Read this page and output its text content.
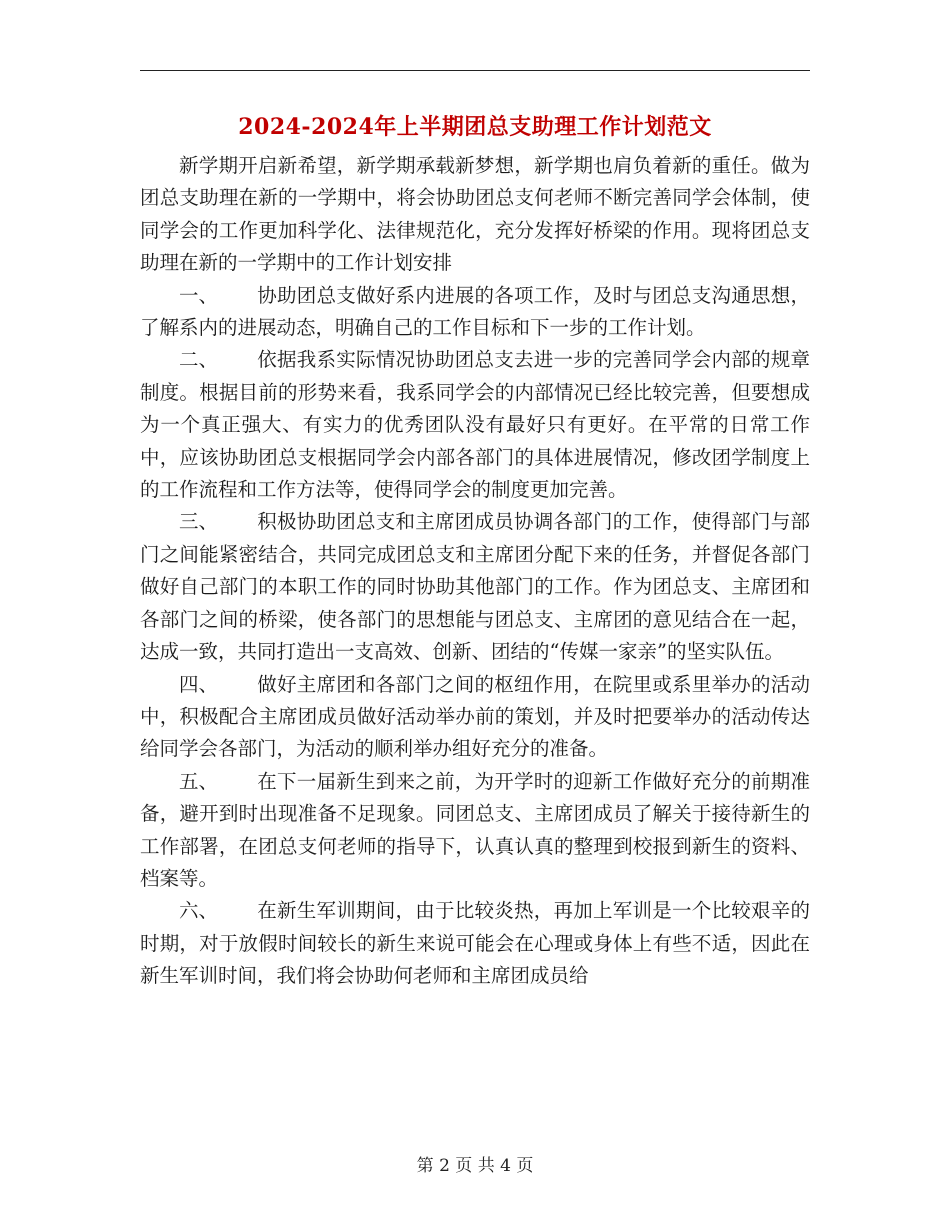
2024-2024年上半期团总支助理工作计划范文

新学期开启新希望，新学期承载新梦想，新学期也肩负着新的重任。做为团总支助理在新的一学期中，将会协助团总支何老师不断完善同学会体制，使同学会的工作更加科学化、法律规范化，充分发挥好桥梁的作用。现将团总支助理在新的一学期中的工作计划安排

一、 协助团总支做好系内进展的各项工作，及时与团总支沟通思想，了解系内的进展动态，明确自己的工作目标和下一步的工作计划。

二、 依据我系实际情况协助团总支去进一步的完善同学会内部的规章制度。根据目前的形势来看，我系同学会的内部情况已经比较完善，但要想成为一个真正强大、有实力的优秀团队没有最好只有更好。在平常的日常工作中，应该协助团总支根据同学会内部各部门的具体进展情况，修改团学制度上的工作流程和工作方法等，使得同学会的制度更加完善。

三、 积极协助团总支和主席团成员协调各部门的工作，使得部门与部门之间能紧密结合，共同完成团总支和主席团分配下来的任务，并督促各部门做好自己部门的本职工作的同时协助其他部门的工作。作为团总支、主席团和各部门之间的桥梁，使各部门的思想能与团总支、主席团的意见结合在一起，达成一致，共同打造出一支高效、创新、团结的“传媒一家亲”的坚实队伍。

四、 做好主席团和各部门之间的枢纽作用，在院里或系里举办的活动中，积极配合主席团成员做好活动举办前的策划，并及时把要举办的活动传达给同学会各部门，为活动的顺利举办组好充分的准备。

五、 在下一届新生到来之前，为开学时的迎新工作做好充分的前期准备，避开到时出现准备不足现象。同团总支、主席团成员了解关于接待新生的工作部署，在团总支何老师的指导下，认真认真的整理到校报到新生的资料、档案等。

六、 在新生军训期间，由于比较炎热，再加上军训是一个比较艰辛的时期，对于放假时间较长的新生来说可能会在心理或身体上有些不适，因此在新生军训时间，我们将会协助何老师和主席团成员给

第 2 页 共 4 页
